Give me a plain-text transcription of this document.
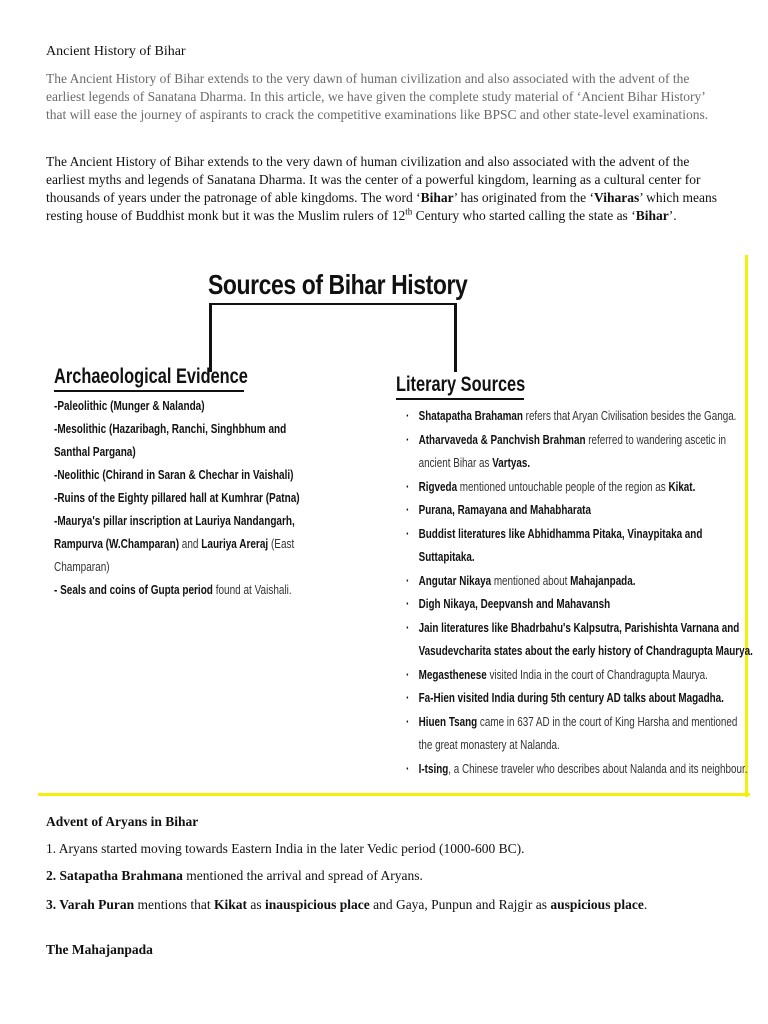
Ancient History of Bihar
The Ancient History of Bihar extends to the very dawn of human civilization and also associated with the advent of the earliest legends of Sanatana Dharma. In this article, we have given the complete study material of ‘Ancient Bihar History’ that will ease the journey of aspirants to crack the competitive examinations like BPSC and other state-level examinations.
The Ancient History of Bihar extends to the very dawn of human civilization and also associated with the advent of the earliest myths and legends of Sanatana Dharma. It was the center of a powerful kingdom, learning as a cultural center for thousands of years under the patronage of able kingdoms. The word ‘Bihar’ has originated from the ‘Viharas’ which means resting house of Buddhist monk but it was the Muslim rulers of 12th Century who started calling the state as ‘Bihar’.
Sources of Bihar History
Archaeological Evidence	Literary Sources
-Paleolithic (Munger & Nalanda)
-Mesolithic (Hazaribagh, Ranchi, Singhbhum and
Santhal Pargana)
-Neolithic (Chirand in Saran & Chechar in Vaishali)
-Ruins of the Eighty pillared hall at Kumhrar (Patna)
-Maurya's pillar inscription at Lauriya Nandangarh,
Rampurva (W.Champaran) and Lauriya Areraj (East
Champaran)
- Seals and coins of Gupta period found at Vaishali.
· Shatapatha Brahaman refers that Aryan Civilisation besides the Ganga.
· Atharvaveda & Panchvish Brahman referred to wandering ascetic in
ancient Bihar as Vartyas.
· Rigveda mentioned untouchable people of the region as Kikat.
· Purana, Ramayana and Mahabharata
· Buddist literatures like Abhidhamma Pitaka, Vinaypitaka and
Suttapitaka.
· Angutar Nikaya mentioned about Mahajanpada.
· Digh Nikaya, Deepvansh and Mahavansh
· Jain literatures like Bhadrbahu's Kalpsutra, Parishishta Varnana and
Vasudevcharita states about the early history of Chandragupta Maurya.
· Megasthenese visited India in the court of Chandragupta Maurya.
· Fa-Hien visited India during 5th century AD talks about Magadha.
· Hiuen Tsang came in 637 AD in the court of King Harsha and mentioned
the great monastery at Nalanda.
· I-tsing, a Chinese traveler who describes about Nalanda and its neighbour.
Advent of Aryans in Bihar
1. Aryans started moving towards Eastern India in the later Vedic period (1000-600 BC).
2. Satapatha Brahmana mentioned the arrival and spread of Aryans.
3. Varah Puran mentions that Kikat as inauspicious place and Gaya, Punpun and Rajgir as auspicious place.
The Mahajanpada
